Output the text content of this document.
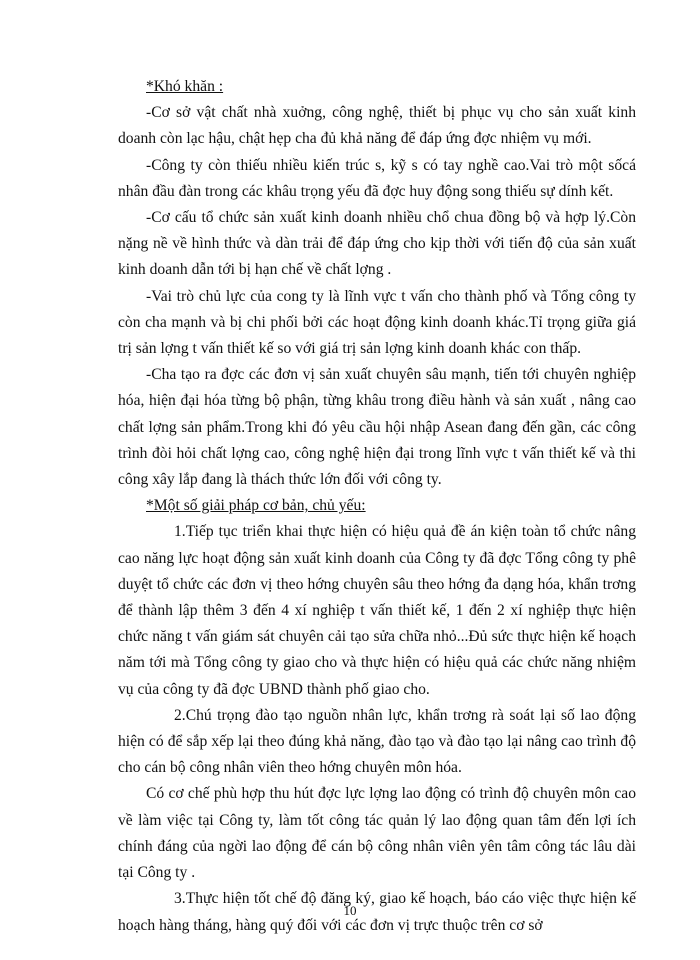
*Khó khăn :

-Cơ sở vật chất nhà xuởng, công nghệ, thiết bị phục vụ cho sản xuất kinh doanh còn lạc hậu, chật hẹp cha đủ khả năng để đáp ứng đợc nhiệm vụ mới.

-Công ty còn thiếu nhiều kiến trúc s, kỹ s có tay nghề cao.Vai trò một sốcá nhân đầu đàn trong các khâu trọng yếu đã đợc huy động song thiếu sự dính kết.

-Cơ cấu tổ chức sản xuất kinh doanh nhiều chổ chua đồng bộ và hợp lý.Còn nặng nề về hình thức và dàn trải để đáp ứng cho kịp thời với tiến độ của sản xuất kinh doanh dẫn tới bị hạn chế về chất lợng .

-Vai trò chủ lực của cong ty là lĩnh vực t vấn cho thành phố và Tổng công ty còn cha mạnh và bị chi phối bởi các hoạt động kinh doanh khác.Tỉ trọng giữa giá trị sản lợng t vấn thiết kế so với giá trị sản lợng kinh doanh khác con thấp.

-Cha tạo ra đợc các đơn vị sản xuất chuyên sâu mạnh, tiến tới chuyên nghiệp hóa, hiện đại hóa từng bộ phận, từng khâu trong điều hành và sản xuất , nâng cao chất lợng sản phẩm.Trong khi đó yêu cầu hội nhập Asean đang đến gần, các công trình đòi hỏi chất lợng cao, công nghệ hiện đại trong lĩnh vực t vấn thiết kế và thi công xây lắp đang là thách thức lớn đối với công ty.

*Một số giải pháp cơ bản, chủ yếu:

1.Tiếp tục triển khai thực hiện có hiệu quả đề án kiện toàn tổ chức nâng cao năng lực hoạt động sản xuất kinh doanh của Công ty đã đợc Tổng công ty phê duyệt tổ chức các đơn vị theo hớng chuyên sâu theo hớng đa dạng hóa, khẩn trơng để thành lập thêm 3 đến 4 xí nghiệp t vấn thiết kế, 1 đến 2 xí nghiệp thực hiện chức năng t vấn giám sát chuyên cải tạo sửa chữa nhỏ...Đủ sức thực hiện kế hoạch năm tới mà Tổng công ty giao cho và thực hiện có hiệu quả các chức năng nhiệm vụ của công ty đã đợc UBND thành phố giao cho.

2.Chú trọng đào tạo nguồn nhân lực, khẩn trơng rà soát lại số lao động hiện có để sắp xếp lại theo đúng khả năng, đào tạo và đào tạo lại nâng cao trình độ cho cán bộ công nhân viên theo hớng chuyên môn hóa.

Có cơ chế phù hợp thu hút đợc lực lợng lao động có trình độ chuyên môn cao về làm việc tại Công ty, làm tốt công tác quản lý lao động quan tâm đến lợi ích chính đáng của ngời lao động để cán bộ công nhân viên yên tâm công tác lâu dài tại Công ty .

3.Thực hiện tốt chế độ đăng ký, giao kế hoạch, báo cáo việc thực hiện kế hoạch hàng tháng, hàng quý đối với các đơn vị trực thuộc trên cơ sở

10
